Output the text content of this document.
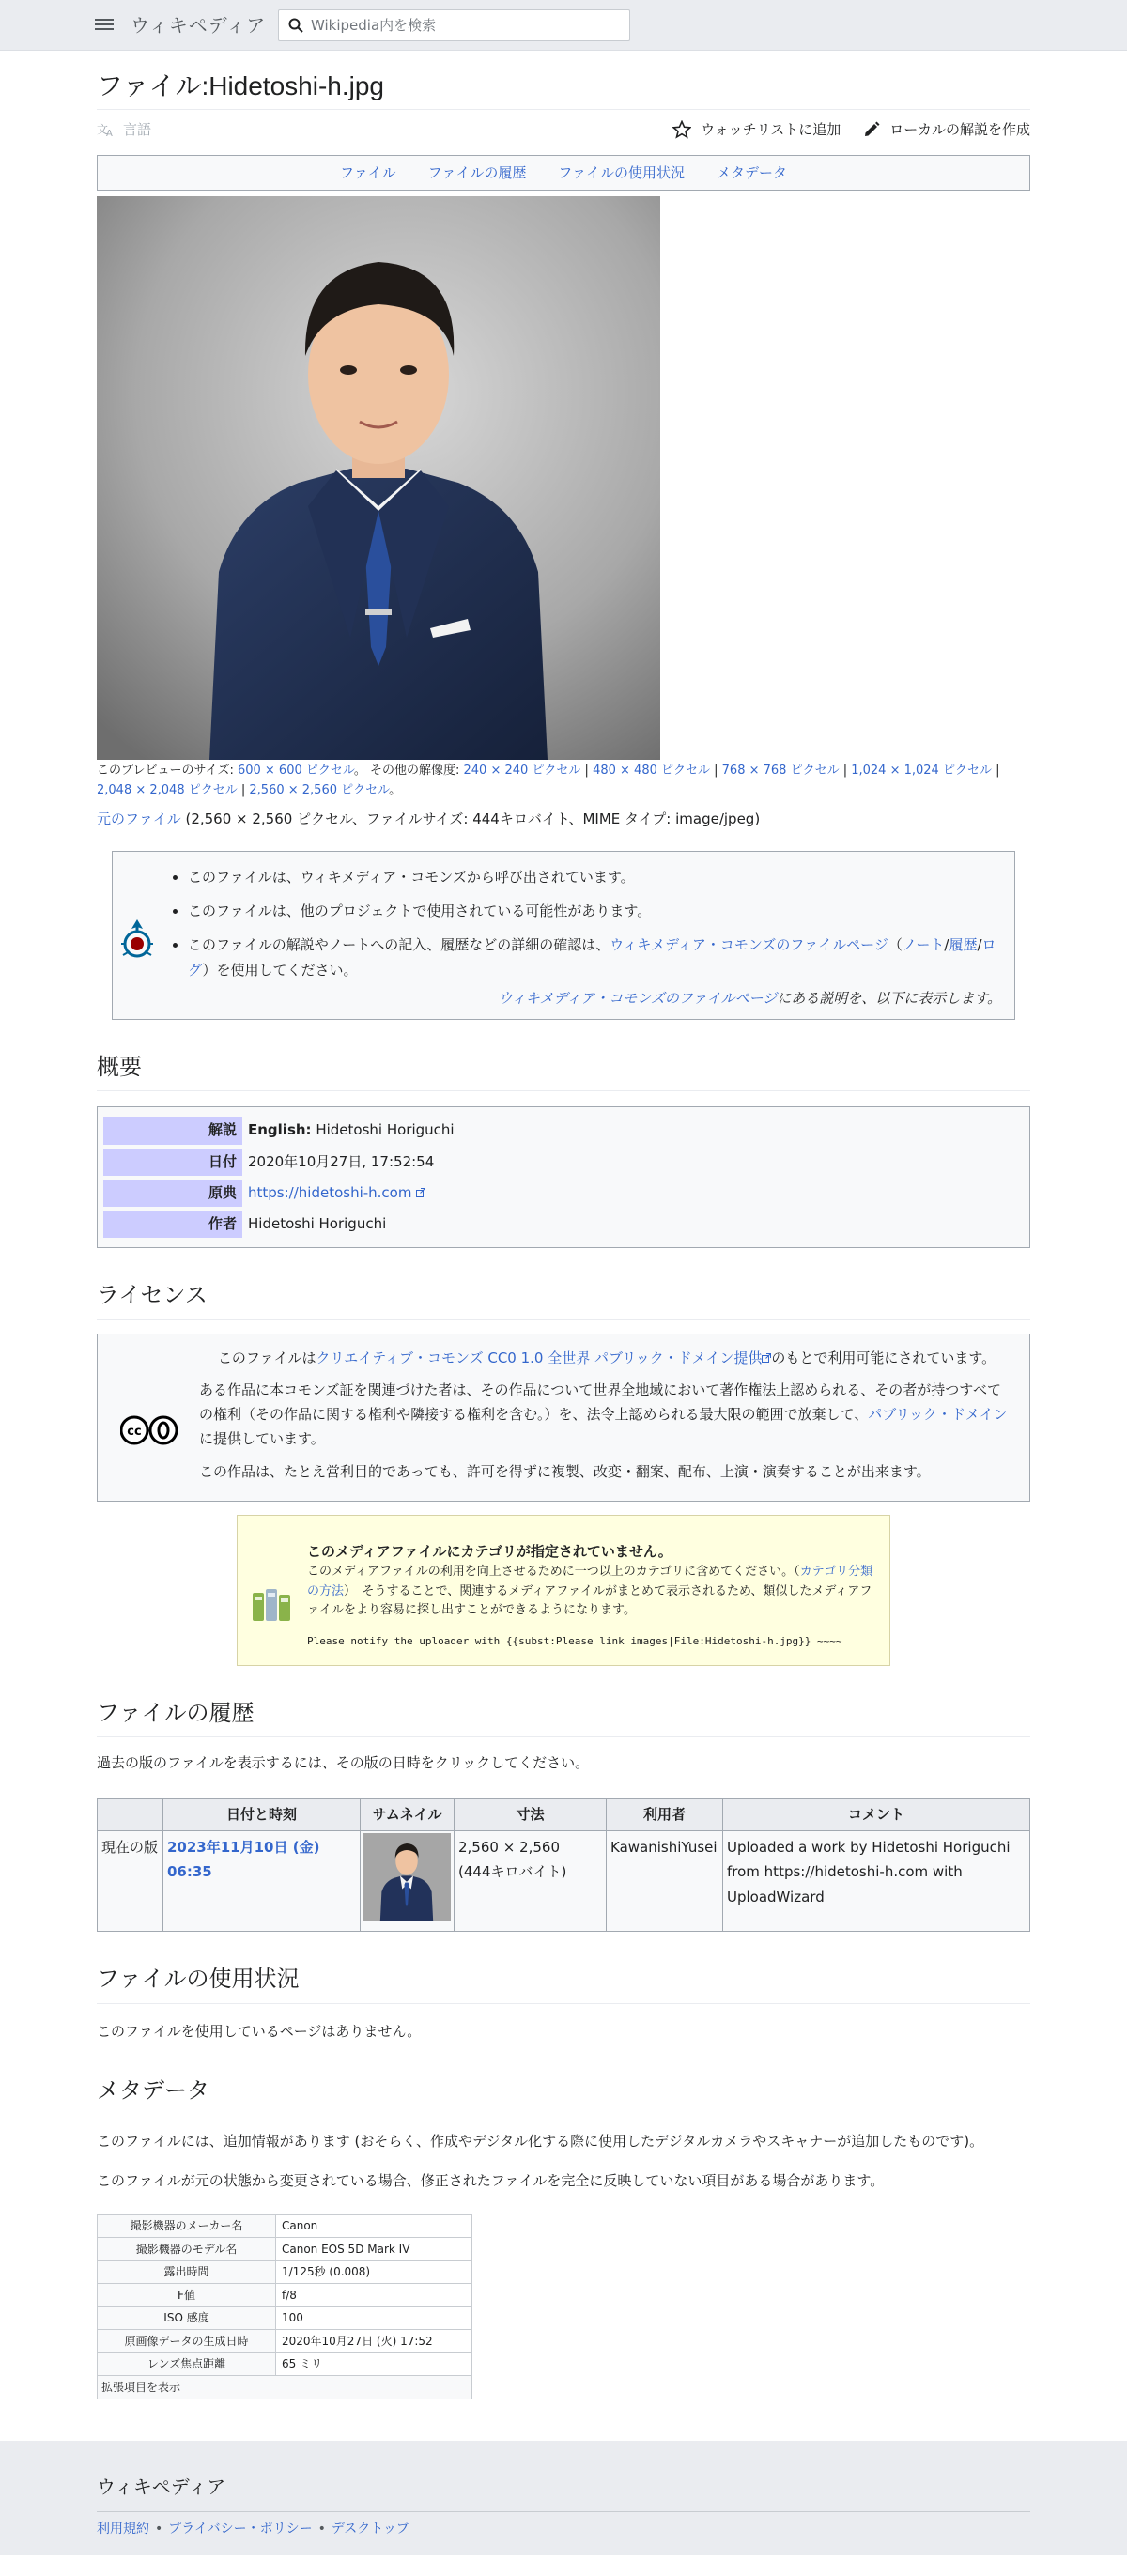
ウィキペディア
Wikipedia内を検索
ファイル:Hidetoshi-h.jpg
文
A 言語	ウォッチリストに追加	ローカルの解説を作成
ファイル ファイルの履歴 ファイルの使用状況 メタデータ
このプレビューのサイズ: 600 × 600 ピクセル。 その他の解像度: 240 × 240 ピクセル | 480 × 480 ピクセル | 768 × 768 ピクセル | 1,024 × 1,024 ピクセル | 2,048 × 2,048 ピクセル | 2,560 × 2,560 ピクセル。
元のファイル (2,560 × 2,560 ピクセル、ファイルサイズ: 444キロバイト、MIME タイプ: image/jpeg)
• このファイルは、ウィキメディア・コモンズから呼び出されています。
• このファイルは、他のプロジェクトで使用されている可能性があります。
• このファイルの解説やノートへの記入、履歴などの詳細の確認は、ウィキメディア・コモンズのファイルページ（ノート/履歴/ログ）を使用してください。
ウィキメディア・コモンズのファイルページにある説明を、以下に表示します。
概要
解説	English: Hidetoshi Horiguchi
日付	2020年10月27日, 17:52:54
原典	https://hidetoshi-h.com
作者	Hidetoshi Horiguchi
ライセンス
cc

このファイルはクリエイティブ・コモンズ CC0 1.0 全世界 パブリック・ドメイン提供 のもとで利用可能にされています。

ある作品に本コモンズ証を関連づけた者は、その作品について世界全地域において著作権法上認められる、その者が持つすべての権利（その作品に関する権利や隣接する権利を含む。）を、法令上認められる最大限の範囲で放棄して、パブリック・ドメインに提供しています。

この作品は、たとえ営利目的であっても、許可を得ずに複製、改変・翻案、配布、上演・演奏することが出来ます。

このメディアファイルにカテゴリが指定されていません。
このメディアファイルの利用を向上させるために一つ以上のカテゴリに含めてください。（カテゴリ分類の方法）　そうすることで、関連するメディアファイルがまとめて表示されるため、類似したメディアファイルをより容易に探し出すことができるようになります。
Please notify the uploader with {{subst:Please link images|File:Hidetoshi-h.jpg}} ~~~~
ファイルの履歴
過去の版のファイルを表示するには、その版の日時をクリックしてください。
	日付と時刻	サムネイル	寸法	利用者	コメント
現在の版	2023年11月10日 (金) 06:35		2,560 × 2,560
(444キロバイト)	KawanishiYusei	Uploaded a work by Hidetoshi Horiguchi from https://hidetoshi-h.com with UploadWizard
ファイルの使用状況
このファイルを使用しているページはありません。
メタデータ
このファイルには、追加情報があります (おそらく、作成やデジタル化する際に使用したデジタルカメラやスキャナーが追加したものです)。
このファイルが元の状態から変更されている場合、修正されたファイルを完全に反映していない項目がある場合があります。
撮影機器のメーカー名	Canon
撮影機器のモデル名	Canon EOS 5D Mark IV
露出時間	1/125秒 (0.008)
F値	f/8
ISO 感度	100
原画像データの生成日時	2020年10月27日 (火) 17:52
レンズ焦点距離	65 ミリ
拡張項目を表示	
ウィキペディア
利用規約 • プライバシー・ポリシー • デスクトップ
